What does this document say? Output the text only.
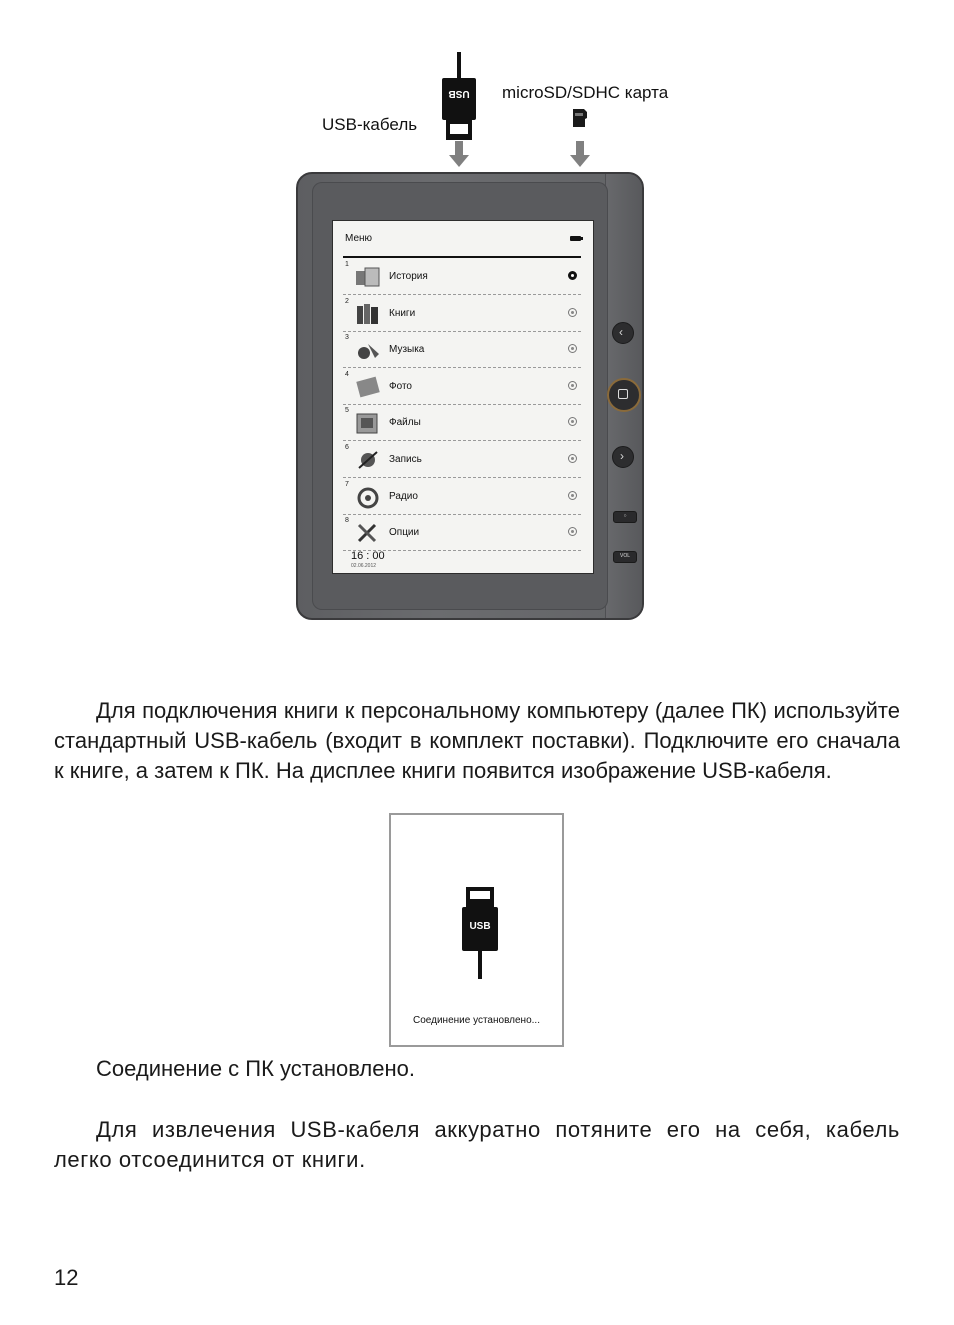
USB-кабель
microSD/SDHC карта
USB
Меню
1
История
2
Книги
3
Музыка
4
Фото
5
Файлы
6
Запись
7
Радио
8
Опции
16 : 00
02.06.2012
‹
›
○
VOL
Для подключения книги к персональному компьютеру (далее ПК) используйте стандартный USB-кабель (входит в комплект поставки). Подключите его сначала к книге, а затем к ПК. На дисплее книги появится изображение USB-кабеля.
USB
Соединение установлено...
Соединение с ПК установлено.
Для извлечения USB-кабеля аккуратно потяните его на себя, кабель легко отсоединится от книги.
12
